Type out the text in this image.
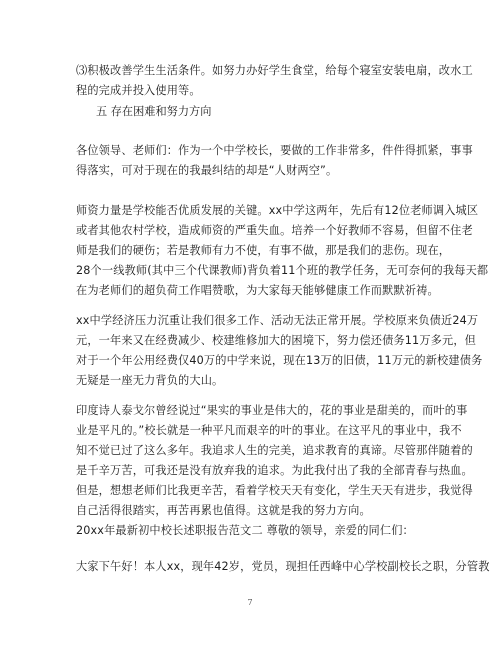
⑶积极改善学生生活条件。如努力办好学生食堂，给每个寝室安装电扇，改水工
程的完成并投入使用等。
五 存在困难和努力方向
各位领导、老师们：作为一个中学校长，要做的工作非常多，件件得抓紧，事事
得落实，可对于现在的我最纠结的却是“人财两空”。
师资力量是学校能否优质发展的关键。xx中学这两年，先后有12位老师调入城区
或者其他农村学校，造成师资的严重失血。培养一个好教师不容易，但留不住老
师是我们的硬伤；若是教师有力不使，有事不做，那是我们的悲伤。现在，
28个一线教师(其中三个代课教师)背负着11个班的教学任务，无可奈何的我每天都
在为老师们的超负荷工作唱赞歌，为大家每天能够健康工作而默默祈祷。
xx中学经济压力沉重让我们很多工作、活动无法正常开展。学校原来负债近24万
元，一年来又在经费减少、校建维修加大的困境下，努力偿还债务11万多元，但
对于一个年公用经费仅40万的中学来说，现在13万的旧债，11万元的新校建债务
无疑是一座无力背负的大山。
印度诗人泰戈尔曾经说过“果实的事业是伟大的，花的事业是甜美的，而叶的事
业是平凡的。”校长就是一种平凡而艰辛的叶的事业。在这平凡的事业中，我不
知不觉已过了这么多年。我追求人生的完美，追求教育的真谛。尽管那伴随着的
是千辛万苦，可我还是没有放弃我的追求。为此我付出了我的全部青春与热血。
但是，想想老师们比我更辛苦，看着学校天天有变化，学生天天有进步，我觉得
自己活得很踏实，再苦再累也值得。这就是我的努力方向。
20xx年最新初中校长述职报告范文二 尊敬的领导，亲爱的同仁们：
大家下午好！本人xx，现年42岁，党员，现担任西峰中心学校副校长之职，分管教
7
